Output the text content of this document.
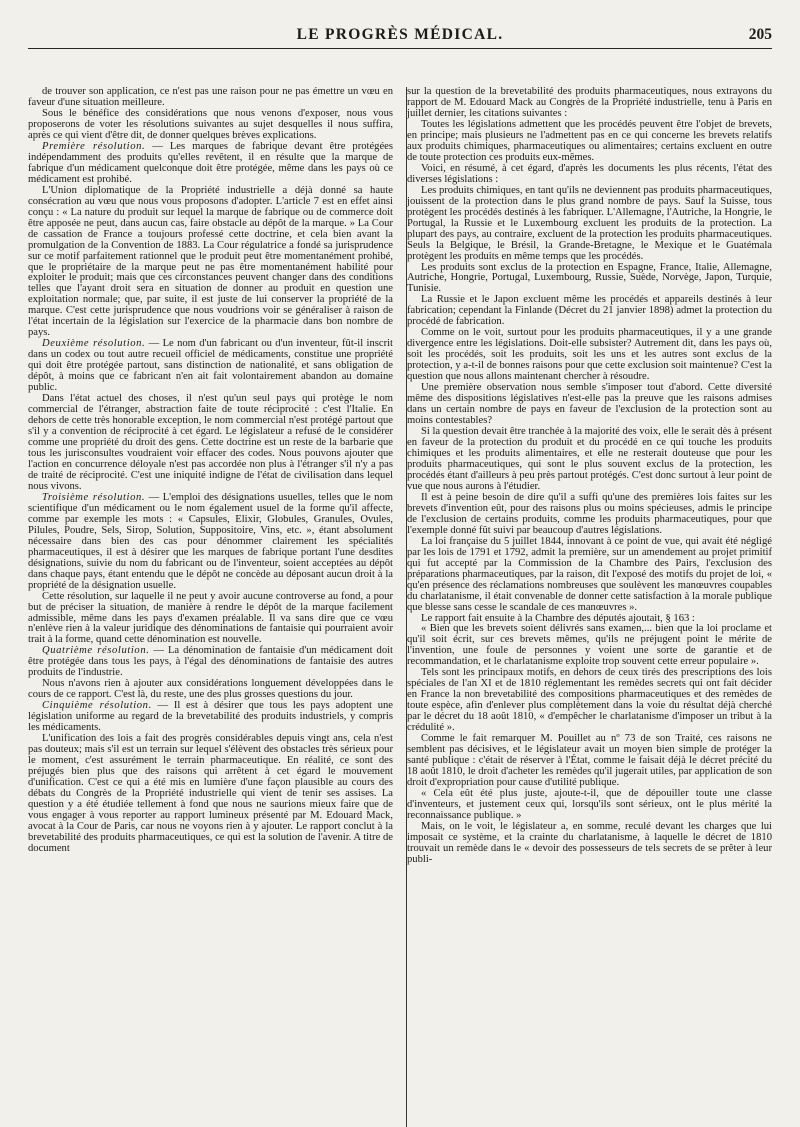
LE PROGRÈS MÉDICAL.	205

de trouver son application, ce n'est pas une raison pour ne pas émettre un vœu en faveur d'une situation meilleure.

Sous le bénéfice des considérations que nous venons d'exposer, nous vous proposerons de voter les résolutions suivantes au sujet desquelles il nous suffira, après ce qui vient d'être dit, de donner quelques brèves explications.

Première résolution. — Les marques de fabrique devant être protégées indépendamment des produits qu'elles revêtent, il en résulte que la marque de fabrique d'un médicament quelconque doit être protégée, même dans les pays où ce médicament est prohibé.

L'Union diplomatique de la Propriété industrielle a déjà donné sa haute consécration au vœu que nous vous proposons d'adopter. L'article 7 est en effet ainsi conçu : « La nature du produit sur lequel la marque de fabrique ou de commerce doit être apposée ne peut, dans aucun cas, faire obstacle au dépôt de la marque. » La Cour de cassation de France a toujours professé cette doctrine, et cela bien avant la promulgation de la Convention de 1883. La Cour régulatrice a fondé sa jurisprudence sur ce motif parfaitement rationnel que le produit peut être momentanément prohibé, que le propriétaire de la marque peut ne pas être momentanément habilité pour exploiter le produit; mais que ces circonstances peuvent changer dans des conditions telles que l'ayant droit sera en situation de donner au produit en question une exploitation normale; que, par suite, il est juste de lui conserver la propriété de la marque. C'est cette jurisprudence que nous voudrions voir se généraliser à raison de l'état incertain de la législation sur l'exercice de la pharmacie dans bon nombre de pays.

Deuxième résolution. — Le nom d'un fabricant ou d'un inventeur, fût-il inscrit dans un codex ou tout autre recueil officiel de médicaments, constitue une propriété qui doit être protégée partout, sans distinction de nationalité, et sans obligation de dépôt, à moins que ce fabricant n'en ait fait volontairement abandon au domaine public.

Dans l'état actuel des choses, il n'est qu'un seul pays qui protège le nom commercial de l'étranger, abstraction faite de toute réciprocité : c'est l'Italie. En dehors de cette très honorable exception, le nom commercial n'est protégé partout que s'il y a convention de réciprocité à cet égard. Le législateur a refusé de le considérer comme une propriété du droit des gens. Cette doctrine est un reste de la barbarie que tous les jurisconsultes voudraient voir effacer des codes. Nous pouvons ajouter que l'action en concurrence déloyale n'est pas accordée non plus à l'étranger s'il n'y a pas de traité de réciprocité. C'est une iniquité indigne de l'état de civilisation dans lequel nous vivons.

Troisième résolution. — L'emploi des désignations usuelles, telles que le nom scientifique d'un médicament ou le nom également usuel de la forme qu'il affecte, comme par exemple les mots : « Capsules, Elixir, Globules, Granules, Ovules, Pilules, Poudre, Sels, Sirop, Solution, Suppositoire, Vins, etc. », étant absolument nécessaire dans bien des cas pour dénommer clairement les spécialités pharmaceutiques, il est à désirer que les marques de fabrique portant l'une desdites désignations, suivie du nom du fabricant ou de l'inventeur, soient acceptées au dépôt dans chaque pays, étant entendu que le dépôt ne concède au déposant aucun droit à la propriété de la désignation usuelle.

Cette résolution, sur laquelle il ne peut y avoir aucune controverse au fond, a pour but de préciser la situation, de manière à rendre le dépôt de la marque facilement admissible, même dans les pays d'examen préalable. Il va sans dire que ce vœu n'enlève rien à la valeur juridique des dénominations de fantaisie qui pourraient avoir trait à la forme, quand cette dénomination est nouvelle.

Quatrième résolution. — La dénomination de fantaisie d'un médicament doit être protégée dans tous les pays, à l'égal des dénominations de fantaisie des autres produits de l'industrie.

Nous n'avons rien à ajouter aux considérations longuement développées dans le cours de ce rapport. C'est là, du reste, une des plus grosses questions du jour.

Cinquième résolution. — Il est à désirer que tous les pays adoptent une législation uniforme au regard de la brevetabilité des produits industriels, y compris les médicaments.

L'unification des lois a fait des progrès considérables depuis vingt ans, cela n'est pas douteux; mais s'il est un terrain sur lequel s'élèvent des obstacles très sérieux pour le moment, c'est assurément le terrain pharmaceutique. En réalité, ce sont des préjugés bien plus que des raisons qui arrêtent à cet égard le mouvement d'unification. C'est ce qui a été mis en lumière d'une façon plausible au cours des débats du Congrès de la Propriété industrielle qui vient de tenir ses assises. La question y a été étudiée tellement à fond que nous ne saurions mieux faire que de vous engager à vous reporter au rapport lumineux présenté par M. Edouard Mack, avocat à la Cour de Paris, car nous ne voyons rien à y ajouter. Le rapport conclut à la brevetabilité des produits pharmaceutiques, ce qui est la solution de l'avenir. A titre de document

sur la question de la brevetabilité des produits pharmaceutiques, nous extrayons du rapport de M. Edouard Mack au Congrès de la Propriété industrielle, tenu à Paris en juillet dernier, les citations suivantes :

Toutes les législations admettent que les procédés peuvent être l'objet de brevets, en principe; mais plusieurs ne l'admettent pas en ce qui concerne les brevets relatifs aux produits chimiques, pharmaceutiques ou alimentaires; certains excluent en outre de toute protection ces produits eux-mêmes.

Voici, en résumé, à cet égard, d'après les documents les plus récents, l'état des diverses législations :

Les produits chimiques, en tant qu'ils ne deviennent pas produits pharmaceutiques, jouissent de la protection dans le plus grand nombre de pays. Sauf la Suisse, tous protègent les procédés destinés à les fabriquer. L'Allemagne, l'Autriche, la Hongrie, le Portugal, la Russie et le Luxembourg excluent les produits de la protection. La plupart des pays, au contraire, excluent de la protection les produits pharmaceutiques. Seuls la Belgique, le Brésil, la Grande-Bretagne, le Mexique et le Guatémala protègent les produits en même temps que les procédés.

Les produits sont exclus de la protection en Espagne, France, Italie, Allemagne, Autriche, Hongrie, Portugal, Luxembourg, Russie, Suède, Norvège, Japon, Turquie, Tunisie.

La Russie et le Japon excluent même les procédés et appareils destinés à leur fabrication; cependant la Finlande (Décret du 21 janvier 1898) admet la protection du procédé de fabrication.

Comme on le voit, surtout pour les produits pharmaceutiques, il y a une grande divergence entre les législations. Doit-elle subsister? Autrement dit, dans les pays où, soit les procédés, soit les produits, soit les uns et les autres sont exclus de la protection, y a-t-il de bonnes raisons pour que cette exclusion soit maintenue? C'est la question que nous allons maintenant chercher à résoudre.

Une première observation nous semble s'imposer tout d'abord. Cette diversité même des dispositions législatives n'est-elle pas la preuve que les raisons admises dans un certain nombre de pays en faveur de l'exclusion de la protection sont au moins contestables?

Si la question devait être tranchée à la majorité des voix, elle le serait dès à présent en faveur de la protection du produit et du procédé en ce qui touche les produits chimiques et les produits alimentaires, et elle ne resterait douteuse que pour les produits pharmaceutiques, qui sont le plus souvent exclus de la protection, les procédés étant d'ailleurs à peu près partout protégés. C'est donc surtout à leur point de vue que nous aurons à l'étudier.

Il est à peine besoin de dire qu'il a suffi qu'une des premières lois faites sur les brevets d'invention eût, pour des raisons plus ou moins spécieuses, admis le principe de l'exclusion de certains produits, comme les produits pharmaceutiques, pour que l'exemple donné fût suivi par beaucoup d'autres législations.

La loi française du 5 juillet 1844, innovant à ce point de vue, qui avait été négligé par les lois de 1791 et 1792, admit la première, sur un amendement au projet primitif qui fut accepté par la Commission de la Chambre des Pairs, l'exclusion des préparations pharmaceutiques, par la raison, dit l'exposé des motifs du projet de loi, « qu'en présence des réclamations nombreuses que soulèvent les manœuvres coupables du charlatanisme, il était convenable de donner cette satisfaction à la morale publique que blesse sans cesse le scandale de ces manœuvres ».

Le rapport fait ensuite à la Chambre des députés ajoutait, § 163 :

« Bien que les brevets soient délivrés sans examen,... bien que la loi proclame et qu'il soit écrit, sur ces brevets mêmes, qu'ils ne préjugent point le mérite de l'invention, une foule de personnes y voient une sorte de garantie et de recommandation, et le charlatanisme exploite trop souvent cette erreur populaire ».

Tels sont les principaux motifs, en dehors de ceux tirés des prescriptions des lois spéciales de l'an XI et de 1810 réglementant les remèdes secrets qui ont fait décider en France la non brevetabilité des compositions pharmaceutiques et des remèdes de toute espèce, afin d'enlever plus complètement dans la voie du résultat déjà cherché par le décret du 18 août 1810, « d'empêcher le charlatanisme d'imposer un tribut à la crédulité ».

Comme le fait remarquer M. Pouillet au nº 73 de son Traité, ces raisons ne semblent pas décisives, et le législateur avait un moyen bien simple de protéger la santé publique : c'était de réserver à l'État, comme le faisait déjà le décret précité du 18 août 1810, le droit d'acheter les remèdes qu'il jugerait utiles, par application de son droit d'expropriation pour cause d'utilité publique.

« Cela eût été plus juste, ajoute-t-il, que de dépouiller toute une classe d'inventeurs, et justement ceux qui, lorsqu'ils sont sérieux, ont le plus mérité la reconnaissance publique. »

Mais, on le voit, le législateur a, en somme, reculé devant les charges que lui imposait ce système, et la crainte du charlatanisme, à laquelle le décret de 1810 trouvait un remède dans le « devoir des possesseurs de tels secrets de se prêter à leur publi-
